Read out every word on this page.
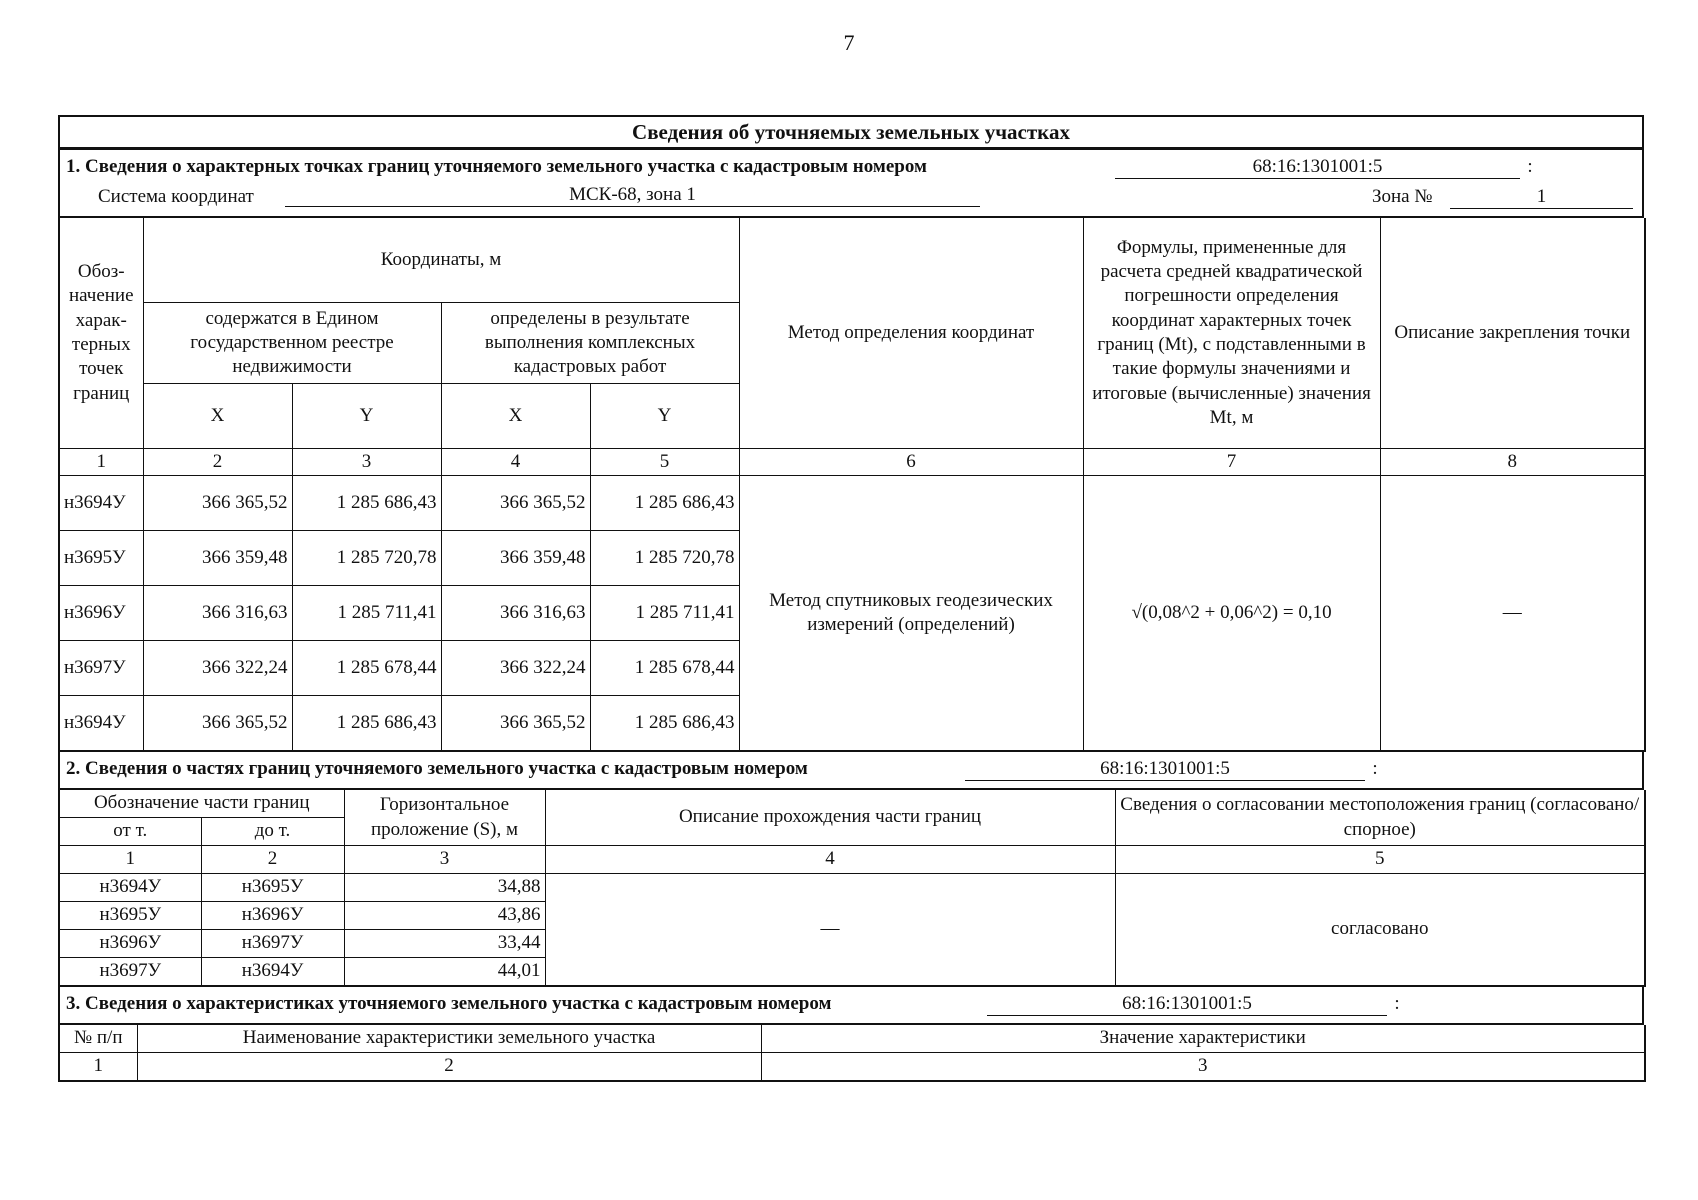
7
Сведения об уточняемых земельных участках
1. Сведения о характерных точках границ уточняемого земельного участка с кадастровым номером	68:16:1301001:5	:
Система координат	МСК-68, зона 1	Зона №	1
Обоз-начение харак-терных точек границ	Координаты, м				Метод определения координат	Формулы, примененные для расчета средней квадратической погрешности определения координат характерных точек границ (Mt), с подставленными в такие формулы значениями и итоговые (вычисленные) значения Mt, м	Описание закрепления точки
	содержатся в Едином государственном реестре недвижимости		определены в результате выполнения комплексных кадастровых работ				
	X	Y	X	Y			
1	2	3	4	5	6	7	8
н3694У	366 365,52	1 285 686,43	366 365,52	1 285 686,43	Метод спутниковых геодезических измерений (определений)	√(0,08^2 + 0,06^2) = 0,10	—
н3695У	366 359,48	1 285 720,78	366 359,48	1 285 720,78			
н3696У	366 316,63	1 285 711,41	366 316,63	1 285 711,41			
н3697У	366 322,24	1 285 678,44	366 322,24	1 285 678,44			
н3694У	366 365,52	1 285 686,43	366 365,52	1 285 686,43			
2. Сведения о частях границ уточняемого земельного участка с кадастровым номером	68:16:1301001:5	:
Обозначение части границ		Горизонтальное проложение (S), м	Описание прохождения части границ	Сведения о согласовании местоположения границ (согласовано/спорное)
от т.	до т.			
1	2	3	4	5
н3694У	н3695У	34,88	—	согласовано
н3695У	н3696У	43,86		
н3696У	н3697У	33,44		
н3697У	н3694У	44,01		
3. Сведения о характеристиках уточняемого земельного участка с кадастровым номером	68:16:1301001:5	:
№ п/п	Наименование характеристики земельного участка	Значение характеристики
1	2	3
